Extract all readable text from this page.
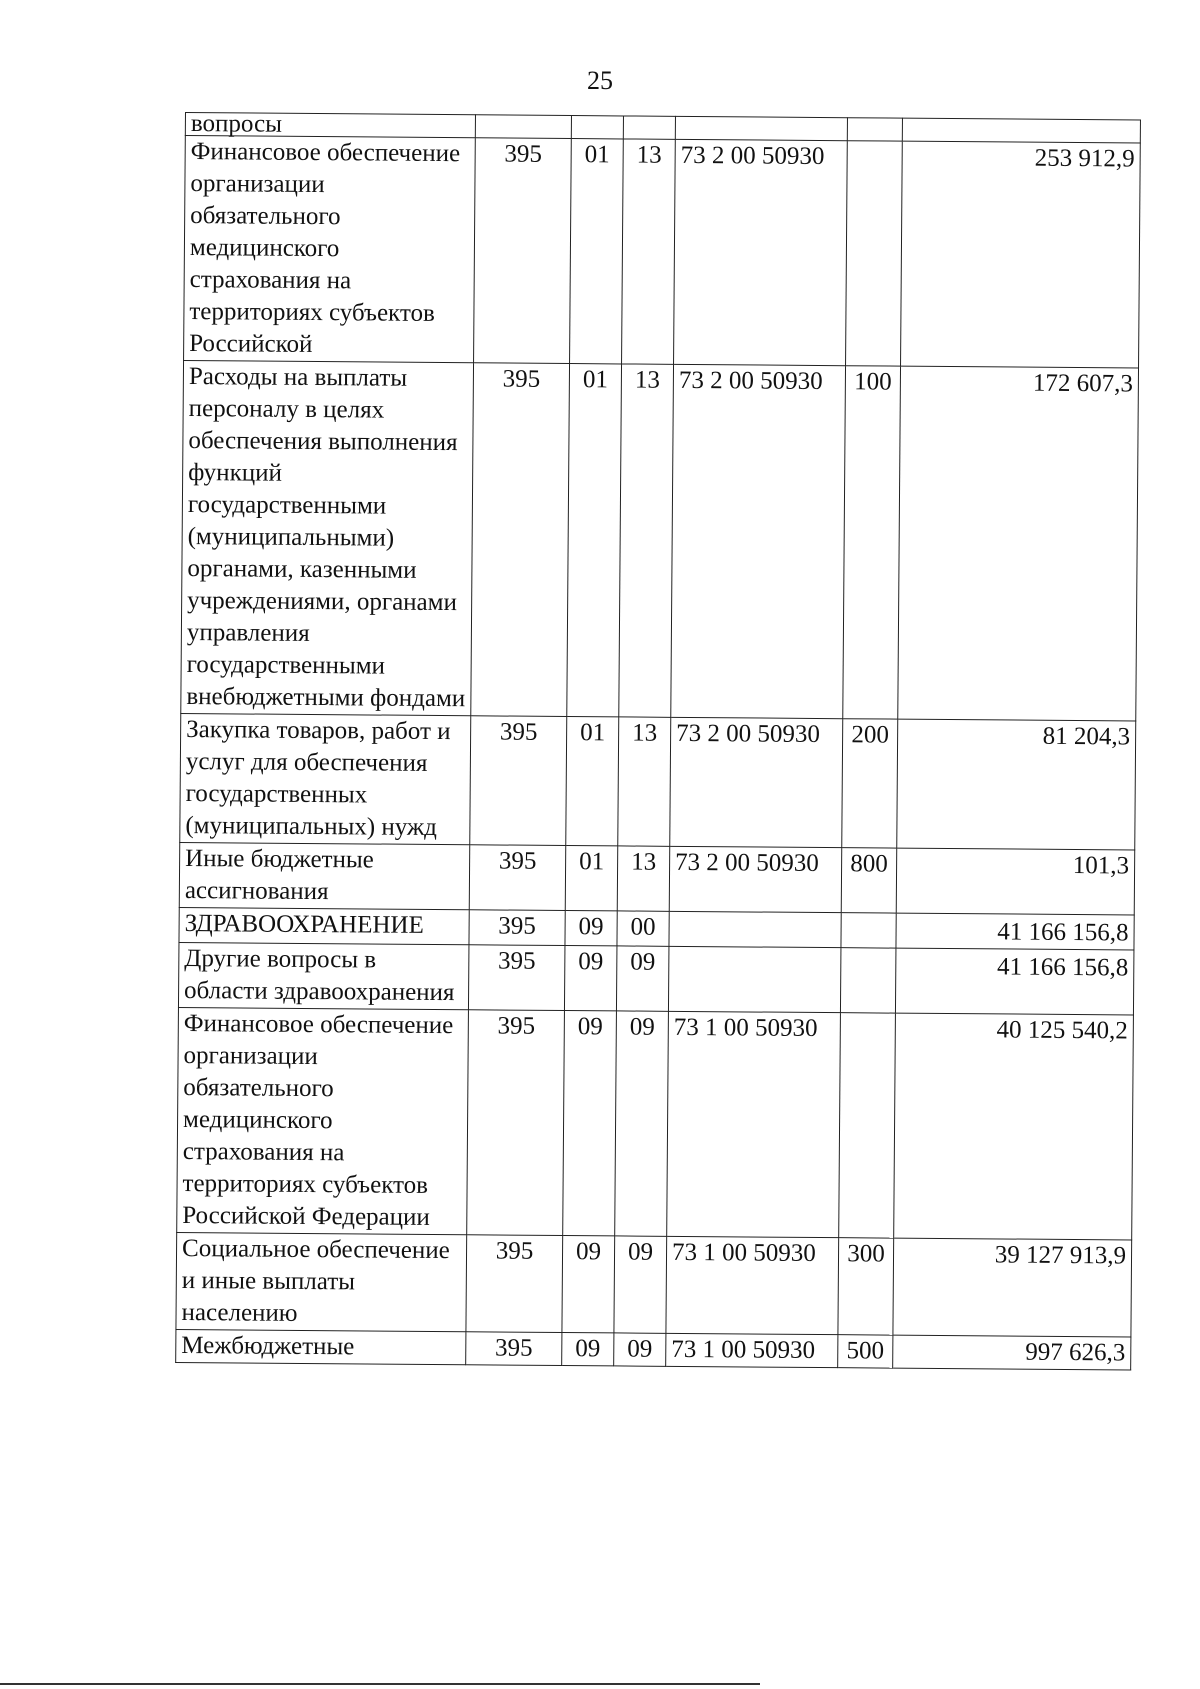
25
вопросы						
Финансовое обеспечение организации обязательного медицинского страхования на территориях субъектов Российской	395	01	13	73 2 00 50930		253 912,9
Расходы на выплаты персоналу в целях обеспечения выполнения функций государственными (муниципальными) органами, казенными учреждениями, органами управления государственными внебюджетными фондами	395	01	13	73 2 00 50930	100	172 607,3
Закупка товаров, работ и услуг для обеспечения государственных (муниципальных) нужд	395	01	13	73 2 00 50930	200	81 204,3
Иные бюджетные ассигнования	395	01	13	73 2 00 50930	800	101,3
ЗДРАВООХРАНЕНИЕ	395	09	00			41 166 156,8
Другие вопросы в области здравоохранения	395	09	09			41 166 156,8
Финансовое обеспечение организации обязательного медицинского страхования на территориях субъектов Российской Федерации	395	09	09	73 1 00 50930		40 125 540,2
Социальное обеспечение и иные выплаты населению	395	09	09	73 1 00 50930	300	39 127 913,9
Межбюджетные	395	09	09	73 1 00 50930	500	997 626,3
